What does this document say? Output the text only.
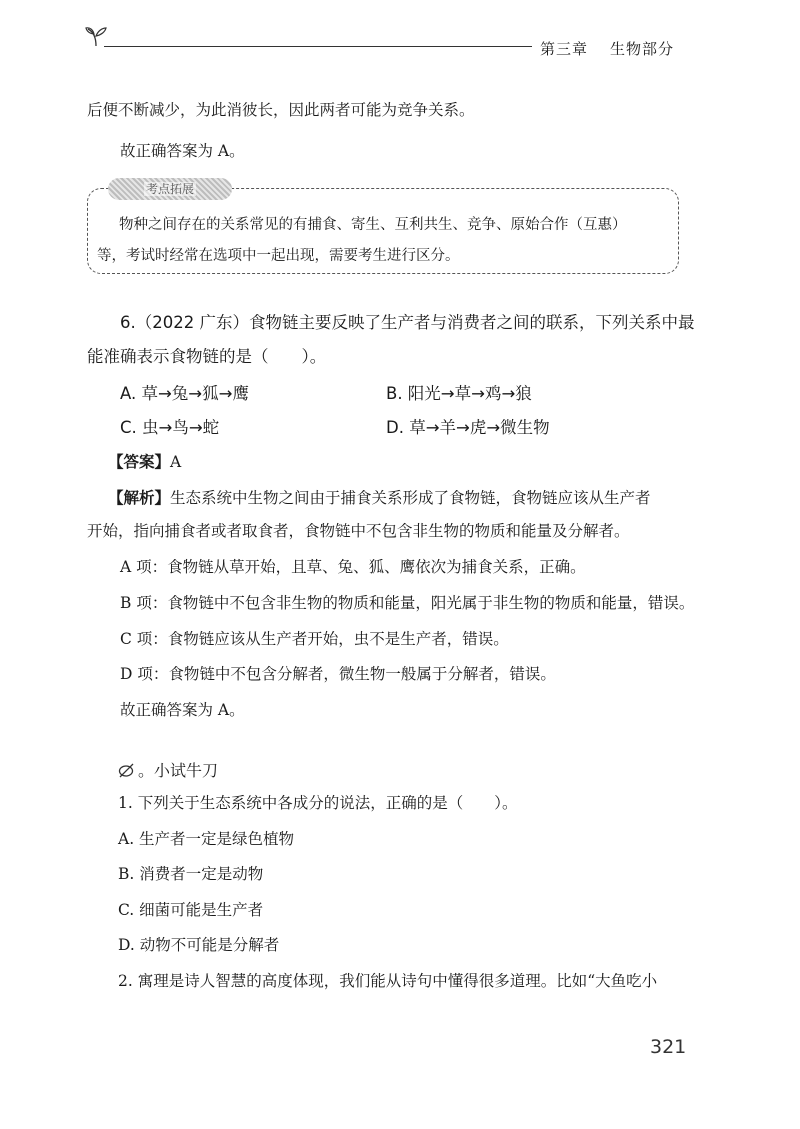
第三章 生物部分
后便不断减少，为此消彼长，因此两者可能为竞争关系。
故正确答案为 A。
考点拓展
物种之间存在的关系常见的有捕食、寄生、互利共生、竞争、原始合作（互惠）
等，考试时经常在选项中一起出现，需要考生进行区分。
6.（2022 广东）食物链主要反映了生产者与消费者之间的联系，下列关系中最
能准确表示食物链的是（　　）。
A. 草→兔→狐→鹰	B. 阳光→草→鸡→狼
C. 虫→鸟→蛇	D. 草→羊→虎→微生物
【答案】A
【解析】生态系统中生物之间由于捕食关系形成了食物链，食物链应该从生产者
开始，指向捕食者或者取食者，食物链中不包含非生物的物质和能量及分解者。
A 项：食物链从草开始，且草、兔、狐、鹰依次为捕食关系，正确。
B 项：食物链中不包含非生物的物质和能量，阳光属于非生物的物质和能量，错误。
C 项：食物链应该从生产者开始，虫不是生产者，错误。
D 项：食物链中不包含分解者，微生物一般属于分解者，错误。
故正确答案为 A。
。小试牛刀
1. 下列关于生态系统中各成分的说法，正确的是（　　）。
A. 生产者一定是绿色植物
B. 消费者一定是动物
C. 细菌可能是生产者
D. 动物不可能是分解者
2. 寓理是诗人智慧的高度体现，我们能从诗句中懂得很多道理。比如“大鱼吃小
321
